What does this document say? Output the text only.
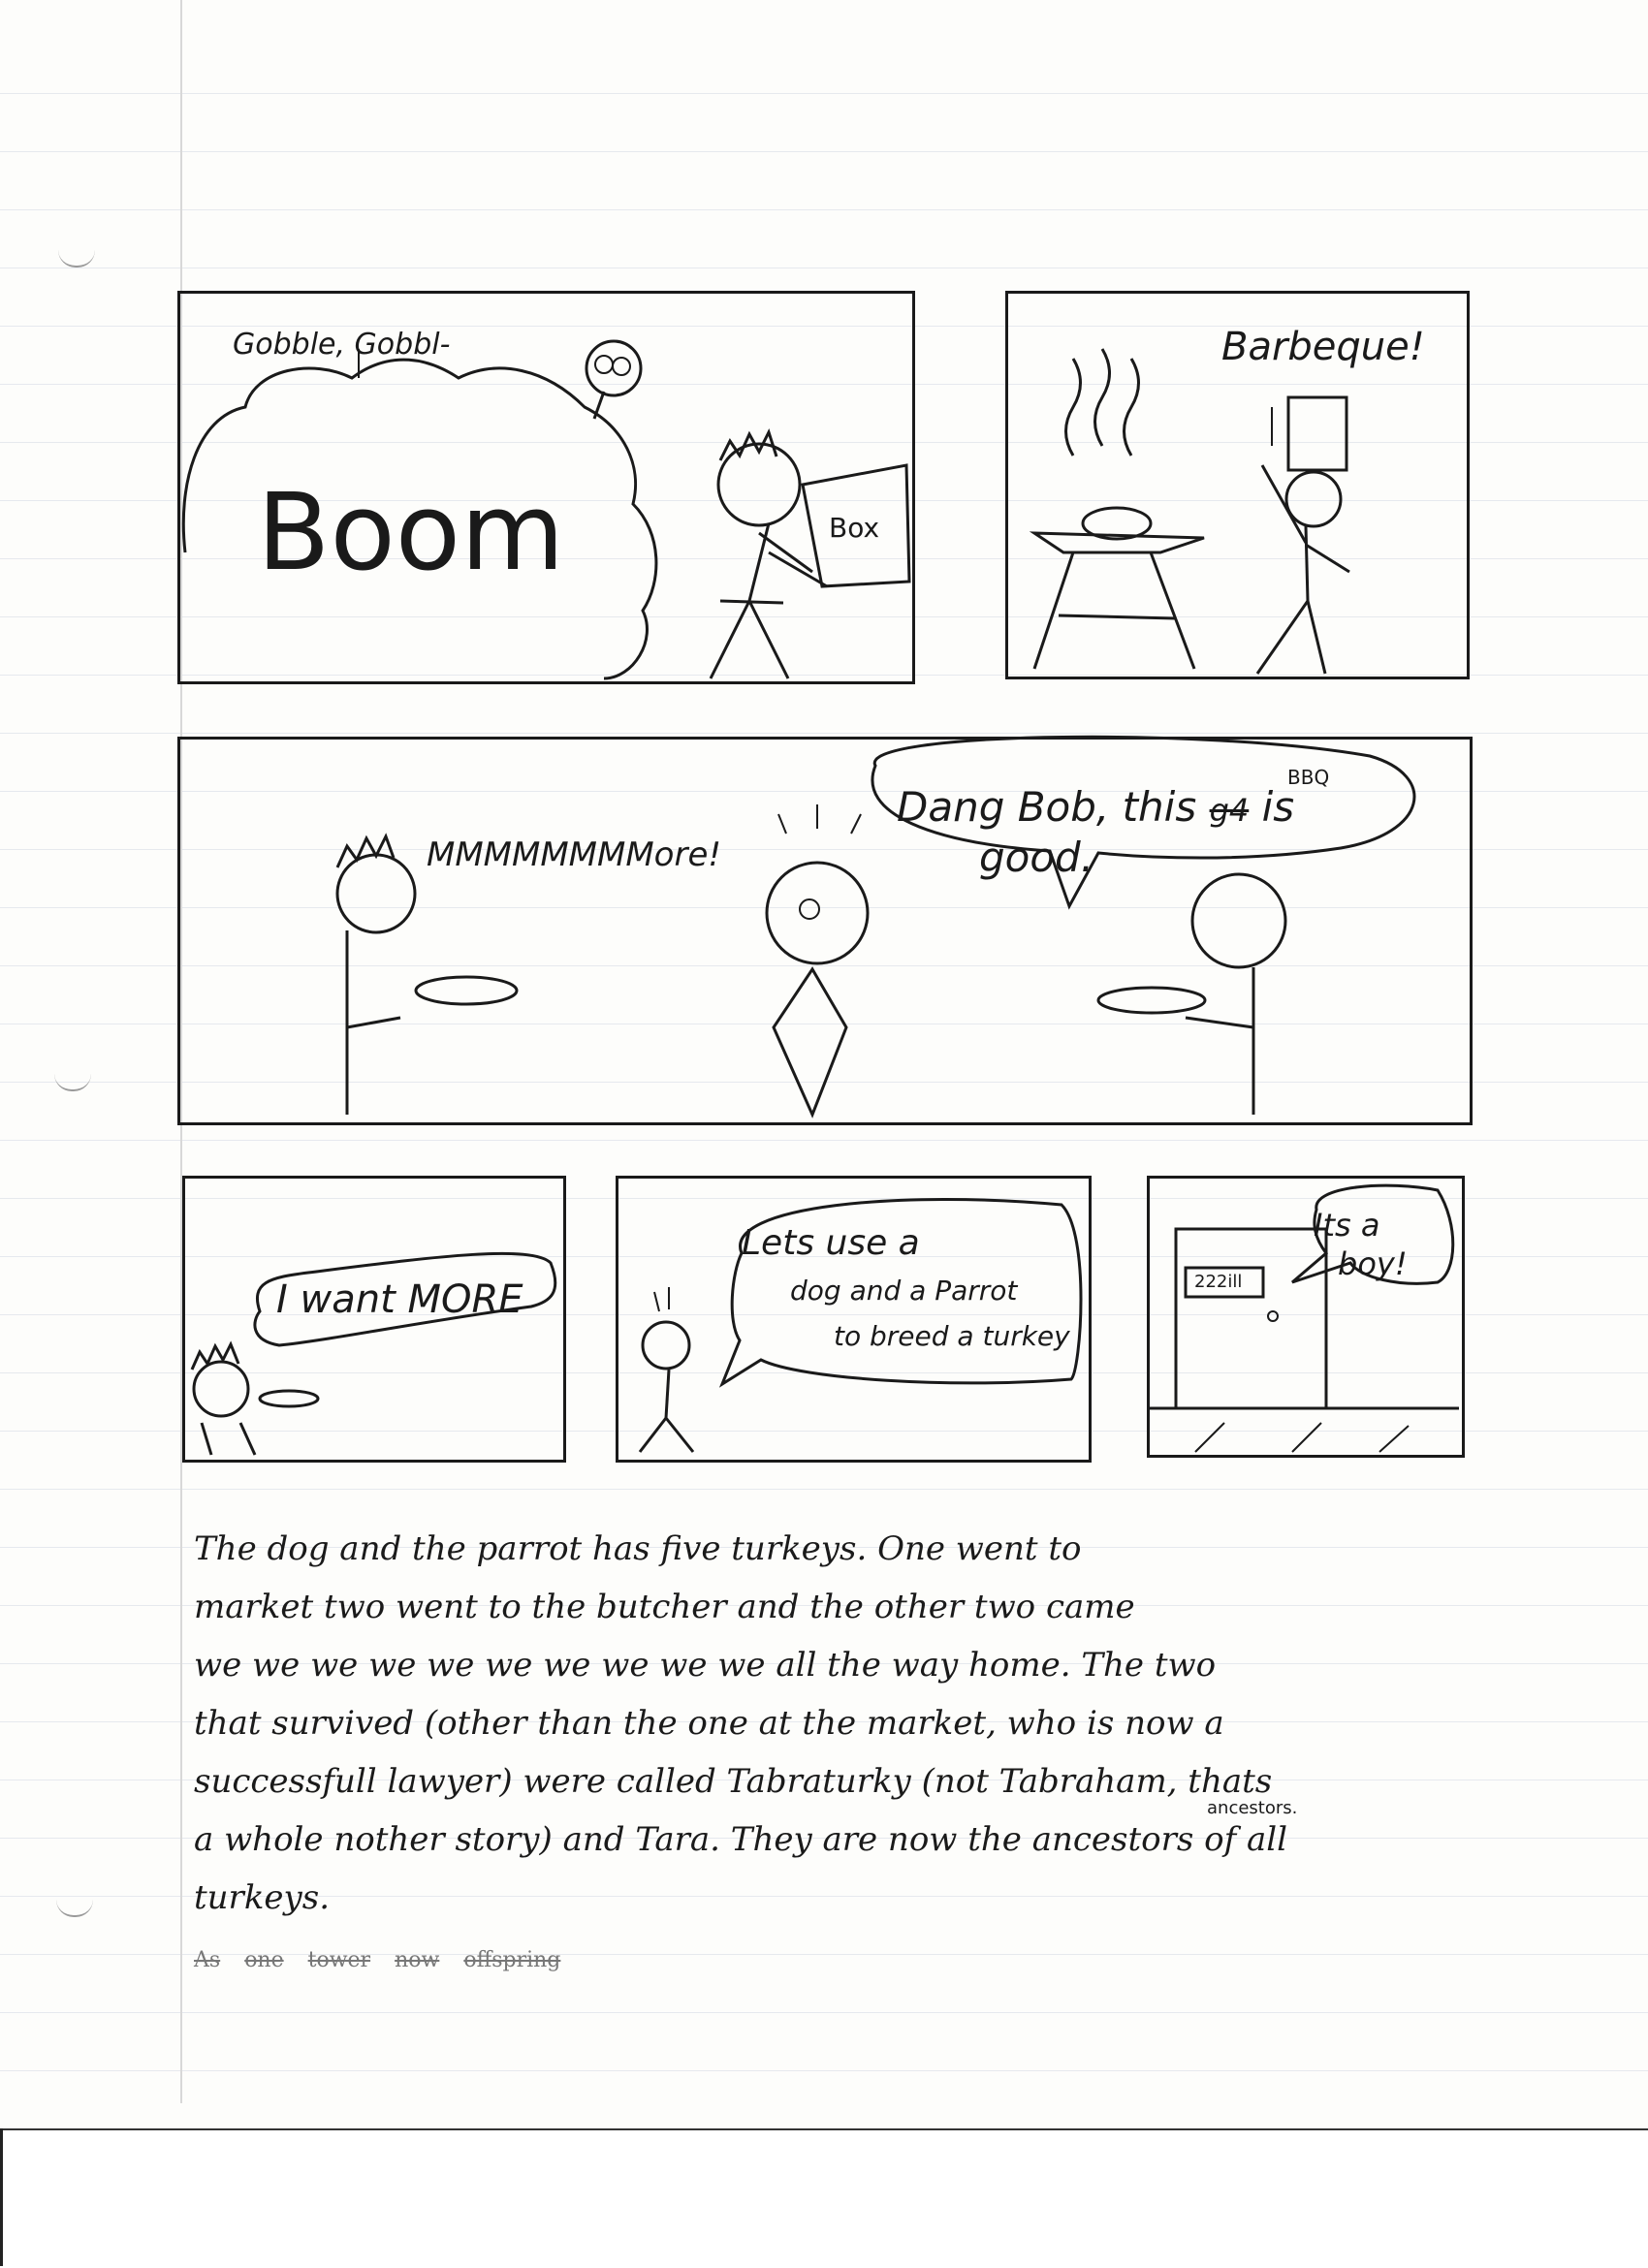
Gobble, Gobbl-
Boom	Box
Barbeque!
MMMMMMMMore!
Dang Bob, this g4 is
BBQ
good.
I want MORE
Lets use a
dog and a Parrot
to breed a turkey
222ill
Its a
boy!
The dog and the parrot has five turkeys. One went to
market two went to the butcher and the other two came
we we we we we we we we we we all the way home. The two
that survived (other than the one at the market, who is now a
successfull lawyer) were called Tabraturky (not Tabraham, thats
a whole nother story) and Tara. They are now the ancestors of all
turkeys.
ancestors.
As one tower now offspring
